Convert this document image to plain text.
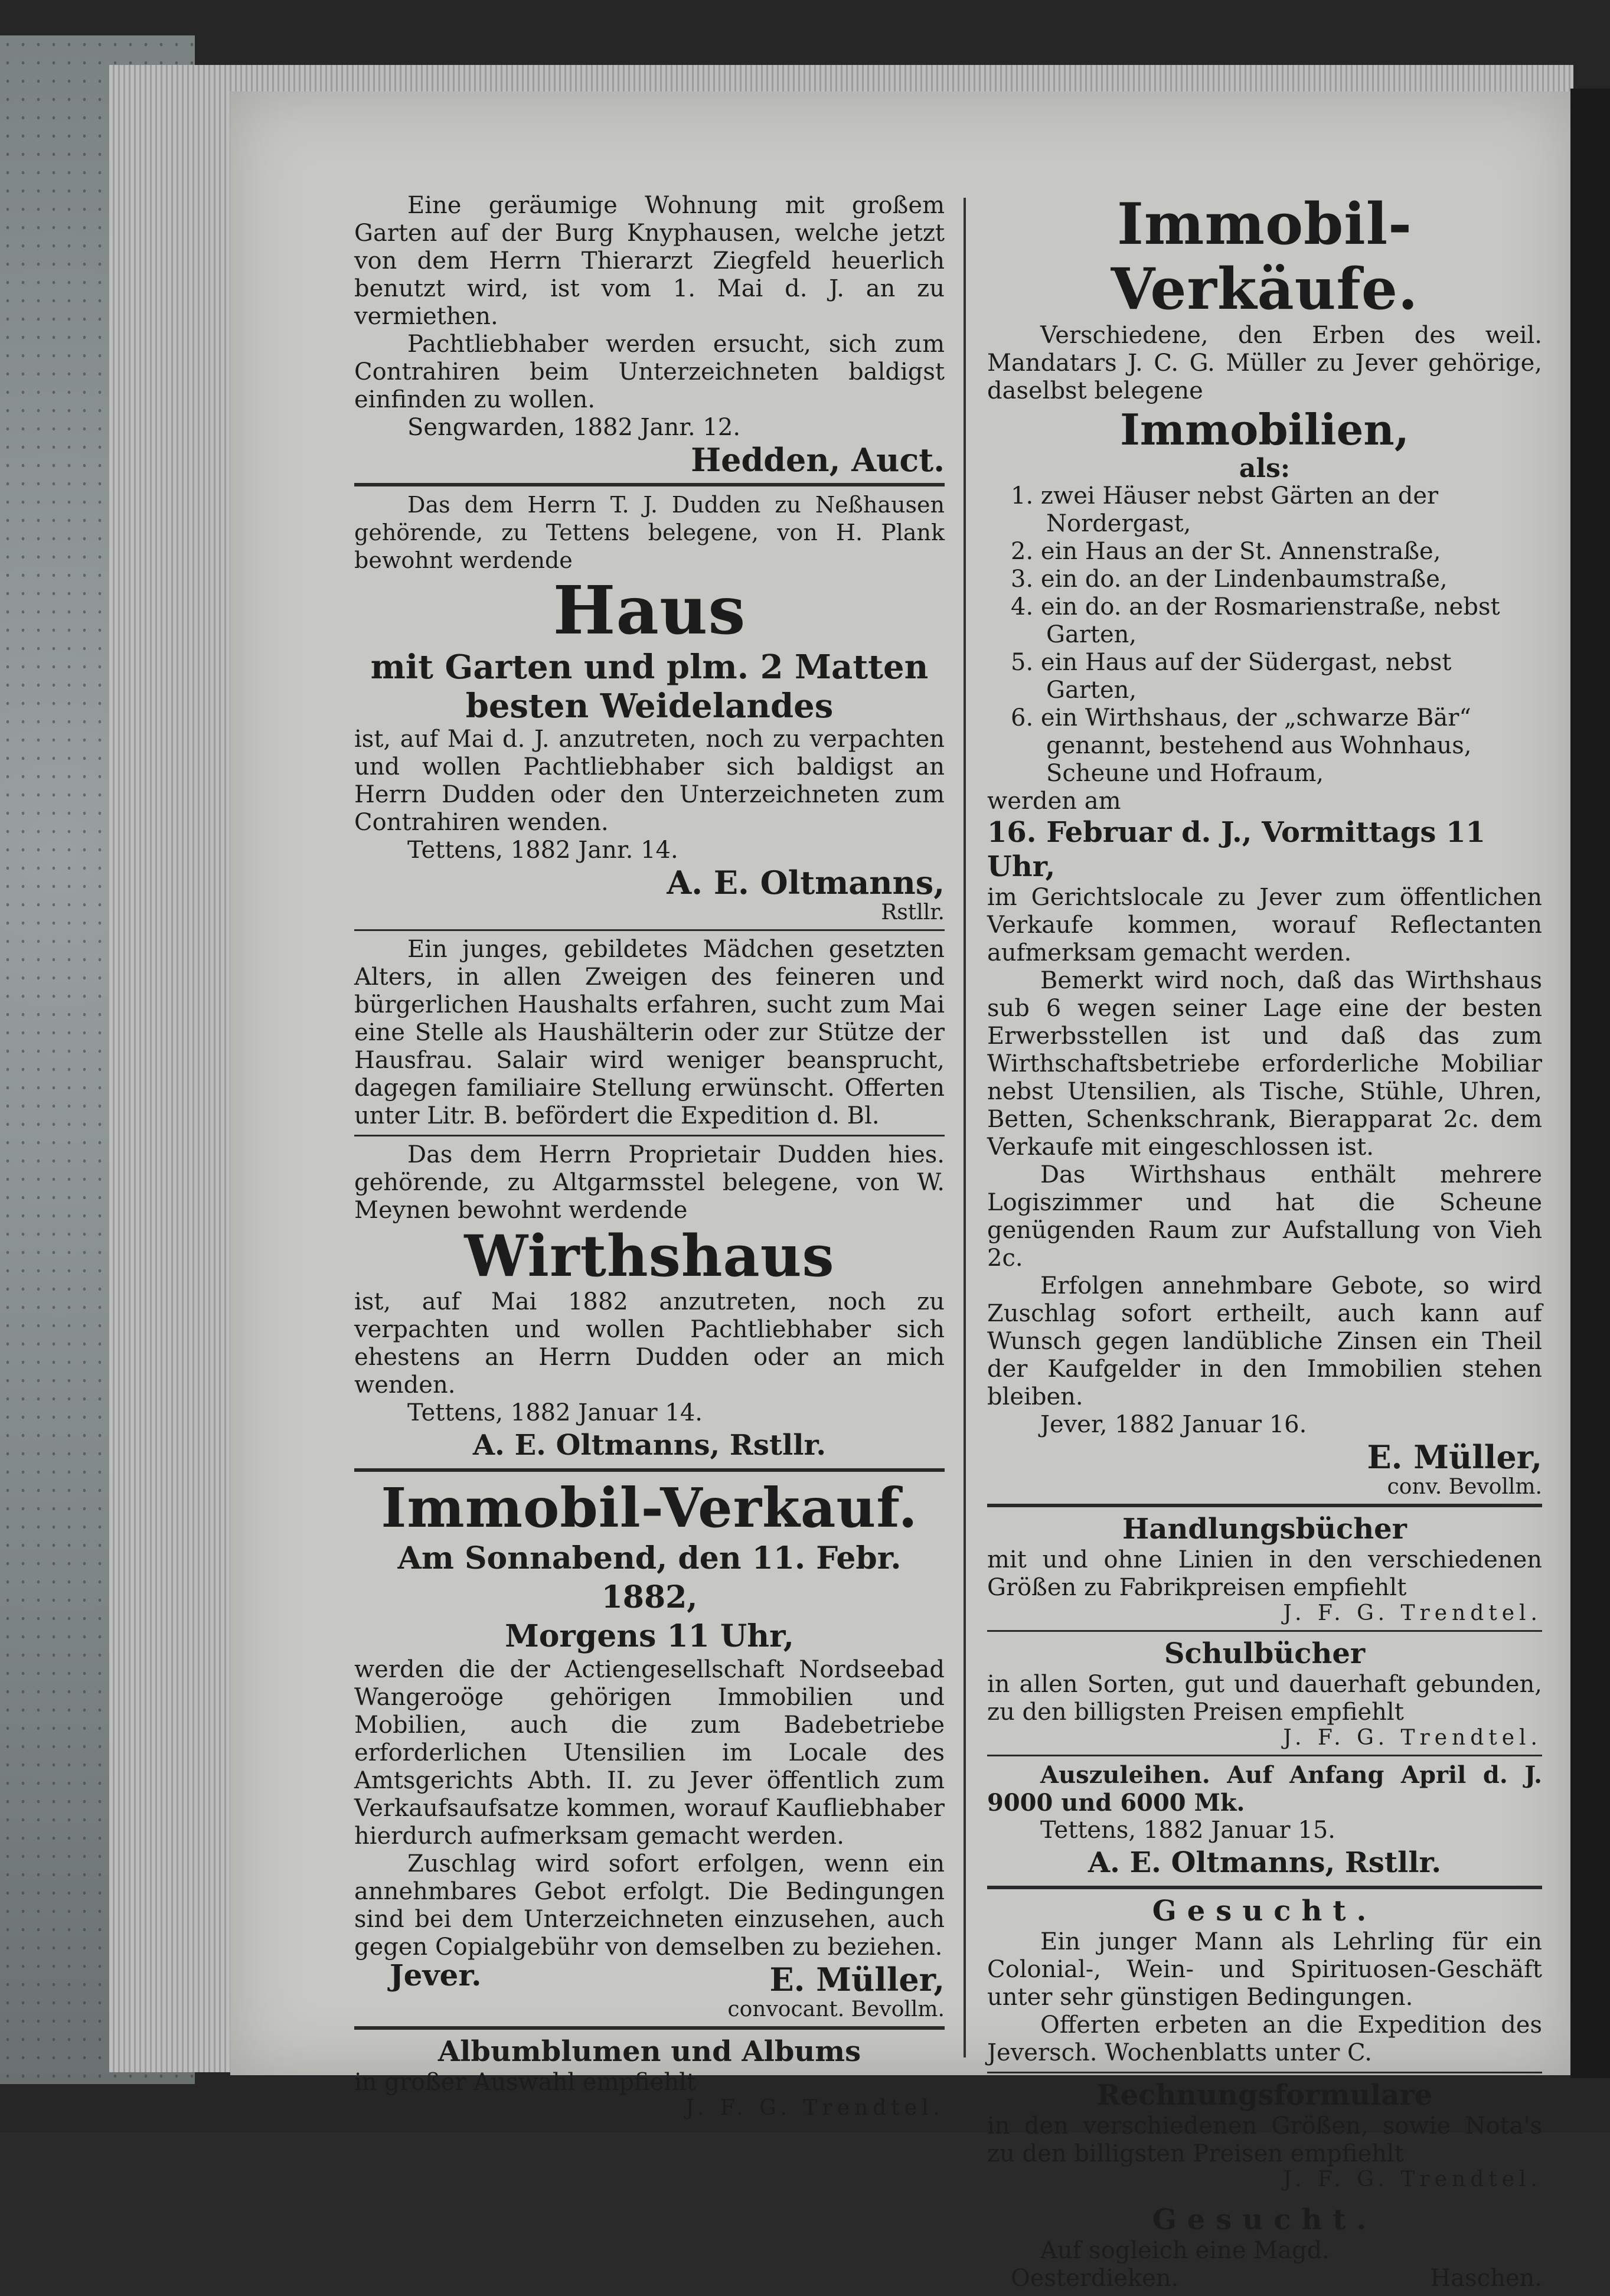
Eine geräumige Wohnung mit großem Garten auf der Burg Knyphausen, welche jetzt von dem Herrn Thierarzt Ziegfeld heuerlich benutzt wird, ist vom 1. Mai d. J. an zu vermiethen.

Pachtliebhaber werden ersucht, sich zum Contrahiren beim Unterzeichneten baldigst einfinden zu wollen.

Sengwarden, 1882 Janr. 12.

Hedden, Auct.

Das dem Herrn T. J. Dudden zu Neßhausen gehörende, zu Tettens belegene, von H. Plank bewohnt werdende

Haus
mit Garten und plm. 2 Matten
besten Weidelandes

ist, auf Mai d. J. anzutreten, noch zu verpachten und wollen Pachtliebhaber sich baldigst an Herrn Dudden oder den Unterzeichneten zum Contrahiren wenden.

Tettens, 1882 Janr. 14.

A. E. Oltmanns,
Rstllr.

Ein junges, gebildetes Mädchen gesetzten Alters, in allen Zweigen des feineren und bürgerlichen Haushalts erfahren, sucht zum Mai eine Stelle als Haushälterin oder zur Stütze der Hausfrau. Salair wird weniger beansprucht, dagegen familiaire Stellung erwünscht. Offerten unter Litr. B. befördert die Expedition d. Bl.

Das dem Herrn Proprietair Dudden hies. gehörende, zu Altgarmsstel belegene, von W. Meynen bewohnt werdende

Wirthshaus

ist, auf Mai 1882 anzutreten, noch zu verpachten und wollen Pachtliebhaber sich ehestens an Herrn Dudden oder an mich wenden.

Tettens, 1882 Januar 14.

A. E. Oltmanns, Rstllr.
Immobil-Verkauf.
Am Sonnabend, den 11. Febr. 1882,
Morgens 11 Uhr,

werden die der Actiengesellschaft Nordseebad Wangeroöge gehörigen Immobilien und Mobilien, auch die zum Badebetriebe erforderlichen Utensilien im Locale des Amtsgerichts Abth. II. zu Jever öffentlich zum Verkaufsaufsatze kommen, worauf Kaufliebhaber hierdurch aufmerksam gemacht werden.

Zuschlag wird sofort erfolgen, wenn ein annehmbares Gebot erfolgt. Die Bedingungen sind bei dem Unterzeichneten einzusehen, auch gegen Copialgebühr von demselben zu beziehen.

Jever.	E. Müller,
convocant. Bevollm.
Albumblumen und Albums

in großer Auswahl empfiehlt

J. F. G. Trendtel.
Immobil-Verkäufe.

Verschiedene, den Erben des weil. Mandatars J. C. G. Müller zu Jever gehörige, daselbst belegene

Immobilien,
als:
1. zwei Häuser nebst Gärten an der Nordergast,
2. ein Haus an der St. Annenstraße,
3. ein do. an der Lindenbaumstraße,
4. ein do. an der Rosmarienstraße, nebst Garten,
5. ein Haus auf der Südergast, nebst Garten,
6. ein Wirthshaus, der „schwarze Bär“ genannt, bestehend aus Wohnhaus, Scheune und Hofraum,

werden am

16. Februar d. J., Vormittags 11 Uhr,

im Gerichtslocale zu Jever zum öffentlichen Verkaufe kommen, worauf Reflectanten aufmerksam gemacht werden.

Bemerkt wird noch, daß das Wirthshaus sub 6 wegen seiner Lage eine der besten Erwerbsstellen ist und daß das zum Wirthschaftsbetriebe erforderliche Mobiliar nebst Utensilien, als Tische, Stühle, Uhren, Betten, Schenkschrank, Bierapparat 2c. dem Verkaufe mit eingeschlossen ist.

Das Wirthshaus enthält mehrere Logiszimmer und hat die Scheune genügenden Raum zur Aufstallung von Vieh 2c.

Erfolgen annehmbare Gebote, so wird Zuschlag sofort ertheilt, auch kann auf Wunsch gegen landübliche Zinsen ein Theil der Kaufgelder in den Immobilien stehen bleiben.

Jever, 1882 Januar 16.

E. Müller,
conv. Bevollm.
Handlungsbücher

mit und ohne Linien in den verschiedenen Größen zu Fabrikpreisen empfiehlt

J. F. G. Trendtel.
Schulbücher

in allen Sorten, gut und dauerhaft gebunden, zu den billigsten Preisen empfiehlt

J. F. G. Trendtel.

Auszuleihen. Auf Anfang April d. J. 9000 und 6000 Mk.

Tettens, 1882 Januar 15.

A. E. Oltmanns, Rstllr.
Gesucht.

Ein junger Mann als Lehrling für ein Colonial-, Wein- und Spirituosen-Geschäft unter sehr günstigen Bedingungen.

Offerten erbeten an die Expedition des Jeversch. Wochenblatts unter C.

Rechnungsformulare

in den verschiedenen Größen, sowie Nota's zu den billigsten Preisen empfiehlt

J. F. G. Trendtel.
Gesucht.

Auf sogleich eine Magd.

Oesterdieken.	Haschen.
